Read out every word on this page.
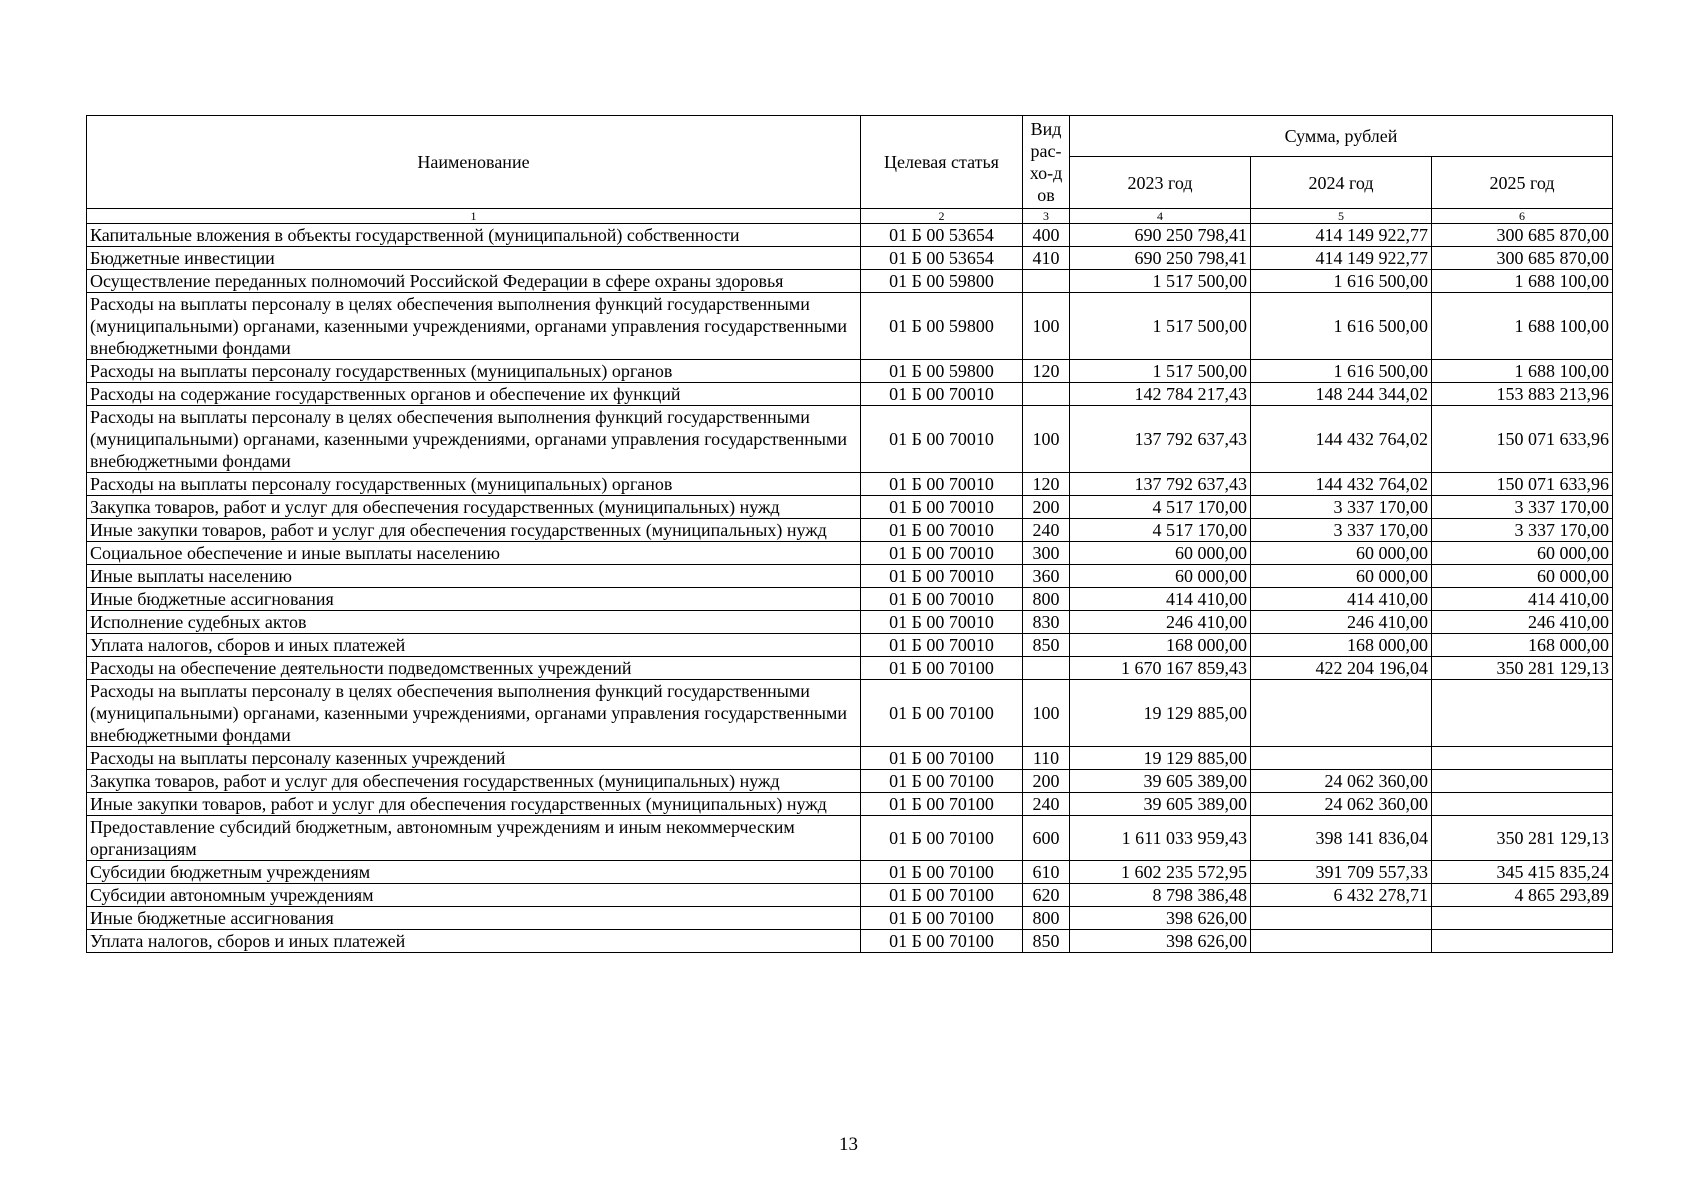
Наименование	Целевая статья	Вид рас-хо-дов	Сумма, рублей		
			2023 год	2024 год	2025 год
1	2	3	4	5	6
Капитальные вложения в объекты государственной (муниципальной) собственности	01 Б 00 53654	400	690 250 798,41	414 149 922,77	300 685 870,00
Бюджетные инвестиции	01 Б 00 53654	410	690 250 798,41	414 149 922,77	300 685 870,00
Осуществление переданных полномочий Российской Федерации в сфере охраны здоровья	01 Б 00 59800		1 517 500,00	1 616 500,00	1 688 100,00
Расходы на выплаты персоналу в целях обеспечения выполнения функций государственными (муниципальными) органами, казенными учреждениями, органами управления государственными внебюджетными фондами	01 Б 00 59800	100	1 517 500,00	1 616 500,00	1 688 100,00
Расходы на выплаты персоналу государственных (муниципальных) органов	01 Б 00 59800	120	1 517 500,00	1 616 500,00	1 688 100,00
Расходы на содержание государственных органов и обеспечение их функций	01 Б 00 70010		142 784 217,43	148 244 344,02	153 883 213,96
Расходы на выплаты персоналу в целях обеспечения выполнения функций государственными (муниципальными) органами, казенными учреждениями, органами управления государственными внебюджетными фондами	01 Б 00 70010	100	137 792 637,43	144 432 764,02	150 071 633,96
Расходы на выплаты персоналу государственных (муниципальных) органов	01 Б 00 70010	120	137 792 637,43	144 432 764,02	150 071 633,96
Закупка товаров, работ и услуг для обеспечения государственных (муниципальных) нужд	01 Б 00 70010	200	4 517 170,00	3 337 170,00	3 337 170,00
Иные закупки товаров, работ и услуг для обеспечения государственных (муниципальных) нужд	01 Б 00 70010	240	4 517 170,00	3 337 170,00	3 337 170,00
Социальное обеспечение и иные выплаты населению	01 Б 00 70010	300	60 000,00	60 000,00	60 000,00
Иные выплаты населению	01 Б 00 70010	360	60 000,00	60 000,00	60 000,00
Иные бюджетные ассигнования	01 Б 00 70010	800	414 410,00	414 410,00	414 410,00
Исполнение судебных актов	01 Б 00 70010	830	246 410,00	246 410,00	246 410,00
Уплата налогов, сборов и иных платежей	01 Б 00 70010	850	168 000,00	168 000,00	168 000,00
Расходы на обеспечение деятельности подведомственных учреждений	01 Б 00 70100		1 670 167 859,43	422 204 196,04	350 281 129,13
Расходы на выплаты персоналу в целях обеспечения выполнения функций государственными (муниципальными) органами, казенными учреждениями, органами управления государственными внебюджетными фондами	01 Б 00 70100	100	19 129 885,00		
Расходы на выплаты персоналу казенных учреждений	01 Б 00 70100	110	19 129 885,00		
Закупка товаров, работ и услуг для обеспечения государственных (муниципальных) нужд	01 Б 00 70100	200	39 605 389,00	24 062 360,00	
Иные закупки товаров, работ и услуг для обеспечения государственных (муниципальных) нужд	01 Б 00 70100	240	39 605 389,00	24 062 360,00	
Предоставление субсидий бюджетным, автономным учреждениям и иным некоммерческим организациям	01 Б 00 70100	600	1 611 033 959,43	398 141 836,04	350 281 129,13
Субсидии бюджетным учреждениям	01 Б 00 70100	610	1 602 235 572,95	391 709 557,33	345 415 835,24
Субсидии автономным учреждениям	01 Б 00 70100	620	8 798 386,48	6 432 278,71	4 865 293,89
Иные бюджетные ассигнования	01 Б 00 70100	800	398 626,00		
Уплата налогов, сборов и иных платежей	01 Б 00 70100	850	398 626,00		
13
